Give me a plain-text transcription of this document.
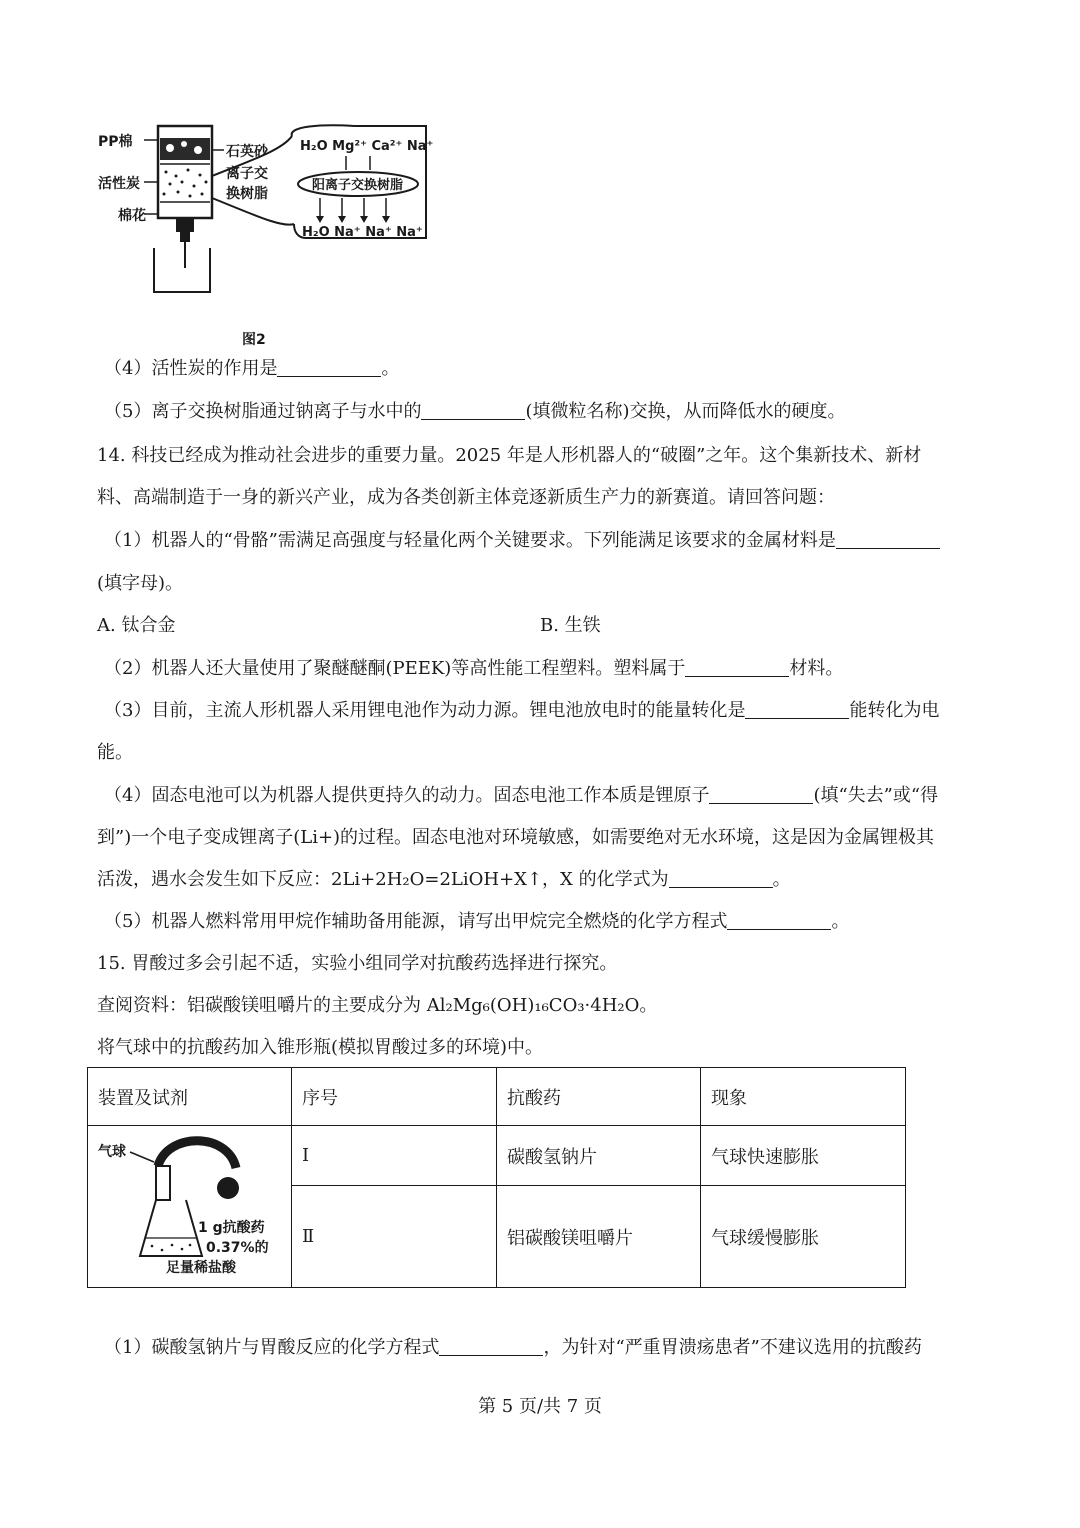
PP棉
活性炭
棉花
石英砂
离子交
换树脂
H₂O Mg²⁺ Ca²⁺ Na⁺
阳离子交换树脂
H₂O Na⁺ Na⁺ Na⁺
图2
（4）活性炭的作用是	。
（5）离子交换树脂通过钠离子与水中的	(填微粒名称)交换，从而降低水的硬度。
14. 科技已经成为推动社会进步的重要力量。2025 年是人形机器人的“破圈”之年。这个集新技术、新材
料、高端制造于一身的新兴产业，成为各类创新主体竞逐新质生产力的新赛道。请回答问题：
（1）机器人的“骨骼”需满足高强度与轻量化两个关键要求。下列能满足该要求的金属材料是
(填字母)。
A. 钛合金	B. 生铁
（2）机器人还大量使用了聚醚醚酮(PEEK)等高性能工程塑料。塑料属于	材料。
（3）目前，主流人形机器人采用锂电池作为动力源。锂电池放电时的能量转化是	能转化为电
能。
（4）固态电池可以为机器人提供更持久的动力。固态电池工作本质是锂原子	(填“失去”或“得
到”)一个电子变成锂离子(Li+)的过程。固态电池对环境敏感，如需要绝对无水环境，这是因为金属锂极其
活泼，遇水会发生如下反应：2Li+2H₂O=2LiOH+X↑，X 的化学式为	。
（5）机器人燃料常用甲烷作辅助备用能源，请写出甲烷完全燃烧的化学方程式	。
15. 胃酸过多会引起不适，实验小组同学对抗酸药选择进行探究。
查阅资料：铝碳酸镁咀嚼片的主要成分为 Al₂Mg₆(OH)₁₆CO₃·4H₂O。
将气球中的抗酸药加入锥形瓶(模拟胃酸过多的环境)中。
装置及试剂	序号	抗酸药	现象

气球
1 g抗酸药
0.37%的
足量稀盐酸	Ⅰ	碳酸氢钠片	气球快速膨胀
	Ⅱ	铝碳酸镁咀嚼片	气球缓慢膨胀
（1）碳酸氢钠片与胃酸反应的化学方程式	，为针对“严重胃溃疡患者”不建议选用的抗酸药
第 5 页/共 7 页
